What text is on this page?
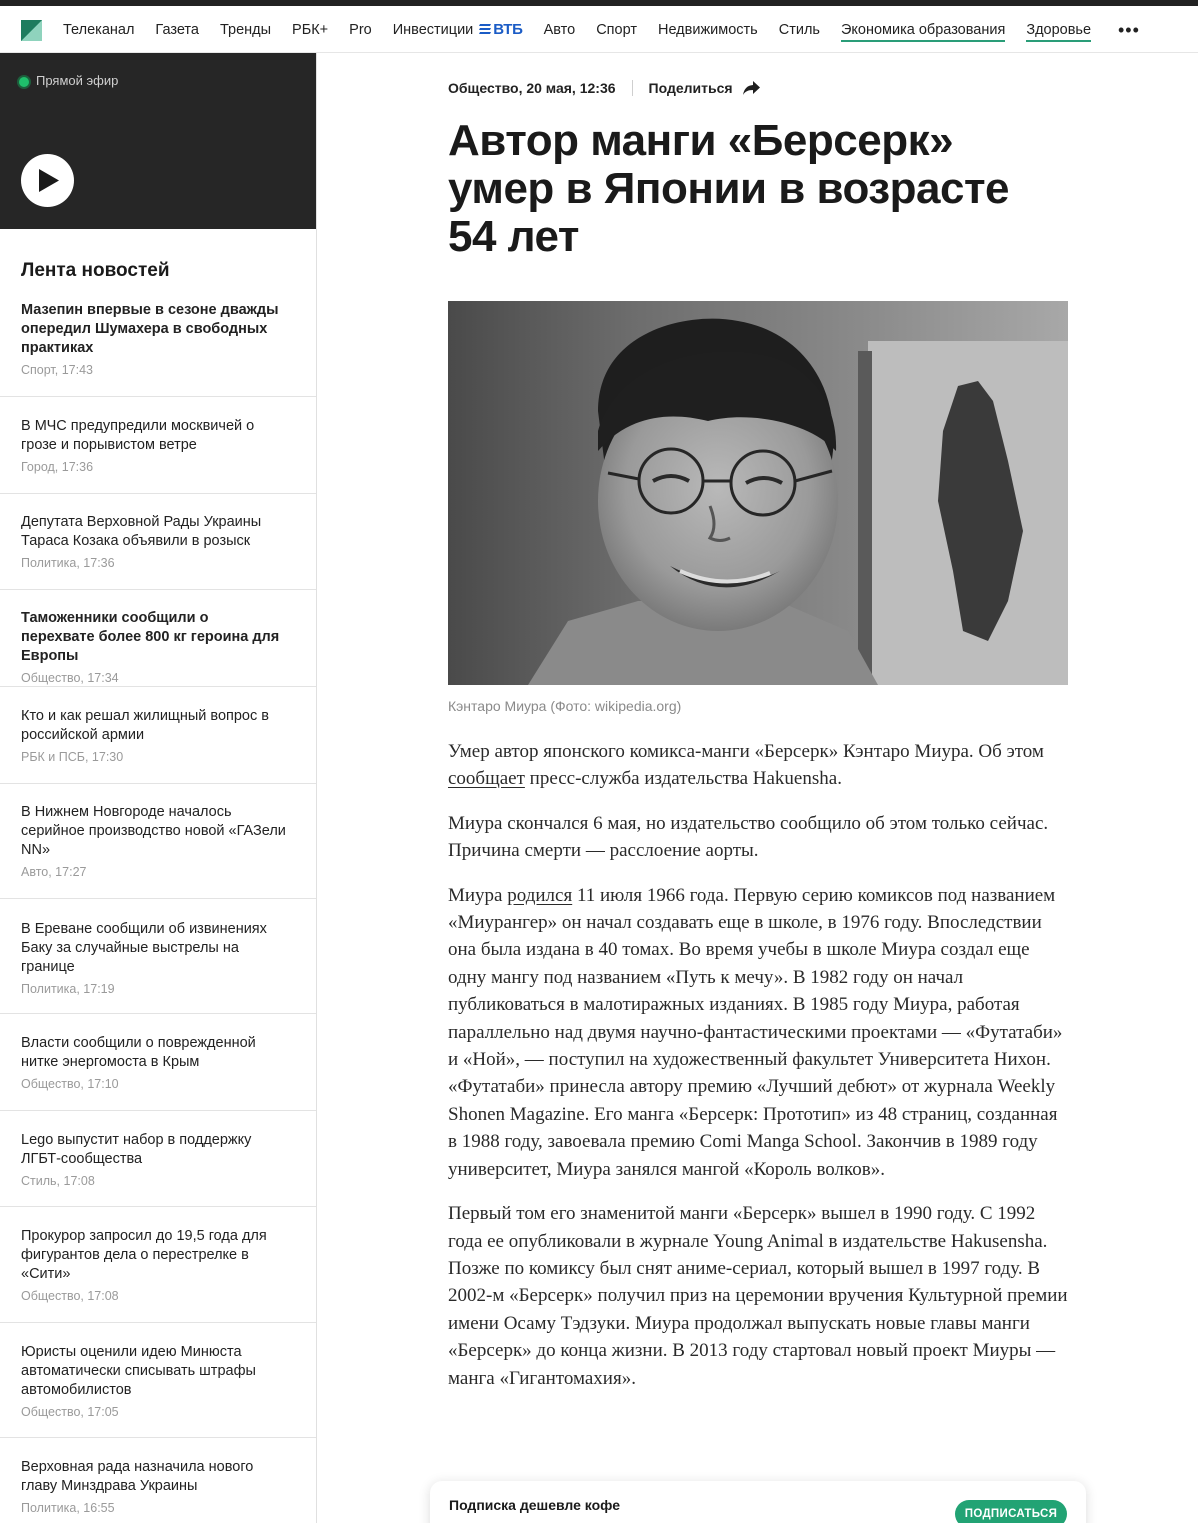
Телеканал Газета Тренды РБК+ Pro Инвестиции ВТБ Авто Спорт Недвижимость Стиль Экономика образования Здоровье •••
Прямой эфир
Лента новостей
Мазепин впервые в сезоне дважды опередил Шумахера в свободных практиках
Спорт, 17:43
В МЧС предупредили москвичей о грозе и порывистом ветре
Город, 17:36
Депутата Верховной Рады Украины Тараса Козака объявили в розыск
Политика, 17:36
Таможенники сообщили о перехвате более 800 кг героина для Европы
Общество, 17:34
Кто и как решал жилищный вопрос в российской армии
РБК и ПСБ, 17:30
В Нижнем Новгороде началось серийное производство новой «ГАЗели NN»
Авто, 17:27
В Ереване сообщили об извинениях Баку за случайные выстрелы на границе
Политика, 17:19
Власти сообщили о поврежденной нитке энергомоста в Крым
Общество, 17:10
Lego выпустит набор в поддержку ЛГБТ-сообщества
Стиль, 17:08
Прокурор запросил до 19,5 года для фигурантов дела о перестрелке в «Сити»
Общество, 17:08
Юристы оценили идею Минюста автоматически списывать штрафы автомобилистов
Общество, 17:05
Верховная рада назначила нового главу Минздрава Украины
Политика, 16:55
Общество, 20 мая, 12:36 Поделиться
Автор манги «Берсерк» умер в Японии в возрасте 54 лет
Кэнтаро Миура (Фото: wikipedia.org)

Умер автор японского комикса-манги «Берсерк» Кэнтаро Миура. Об этом сообщает пресс-служба издательства Hakuensha.

Миура скончался 6 мая, но издательство сообщило об этом только сейчас. Причина смерти — расслоение аорты.

Миура родился 11 июля 1966 года. Первую серию комиксов под названием «Миурангер» он начал создавать еще в школе, в 1976 году. Впоследствии она была издана в 40 томах. Во время учебы в школе Миура создал еще одну мангу под названием «Путь к мечу». В 1982 году он начал публиковаться в малотиражных изданиях. В 1985 году Миура, работая параллельно над двумя научно-фантастическими проектами — «Футатаби» и «Ной», — поступил на художественный факультет Университета Нихон. «Футатаби» принесла автору премию «Лучший дебют» от журнала Weekly Shonen Magazine. Его манга «Берсерк: Прототип» из 48 страниц, созданная в 1988 году, завоевала премию Comi Manga School. Закончив в 1989 году университет, Миура занялся мангой «Король волков».

Первый том его знаменитой манги «Берсерк» вышел в 1990 году. С 1992 года ее опубликовали в журнале Young Animal в издательстве Hakusensha. Позже по комиксу был снят аниме-сериал, который вышел в 1997 году. В 2002-м «Берсерк» получил приз на церемонии вручения Культурной премии имени Осаму Тэдзуки. Миура продолжал выпускать новые главы манги «Берсерк» до конца жизни. В 2013 году стартовал новый проект Миуры — манга «Гигантомахия».

Подписка дешевле кофе
ПОДПИСАТЬСЯ
